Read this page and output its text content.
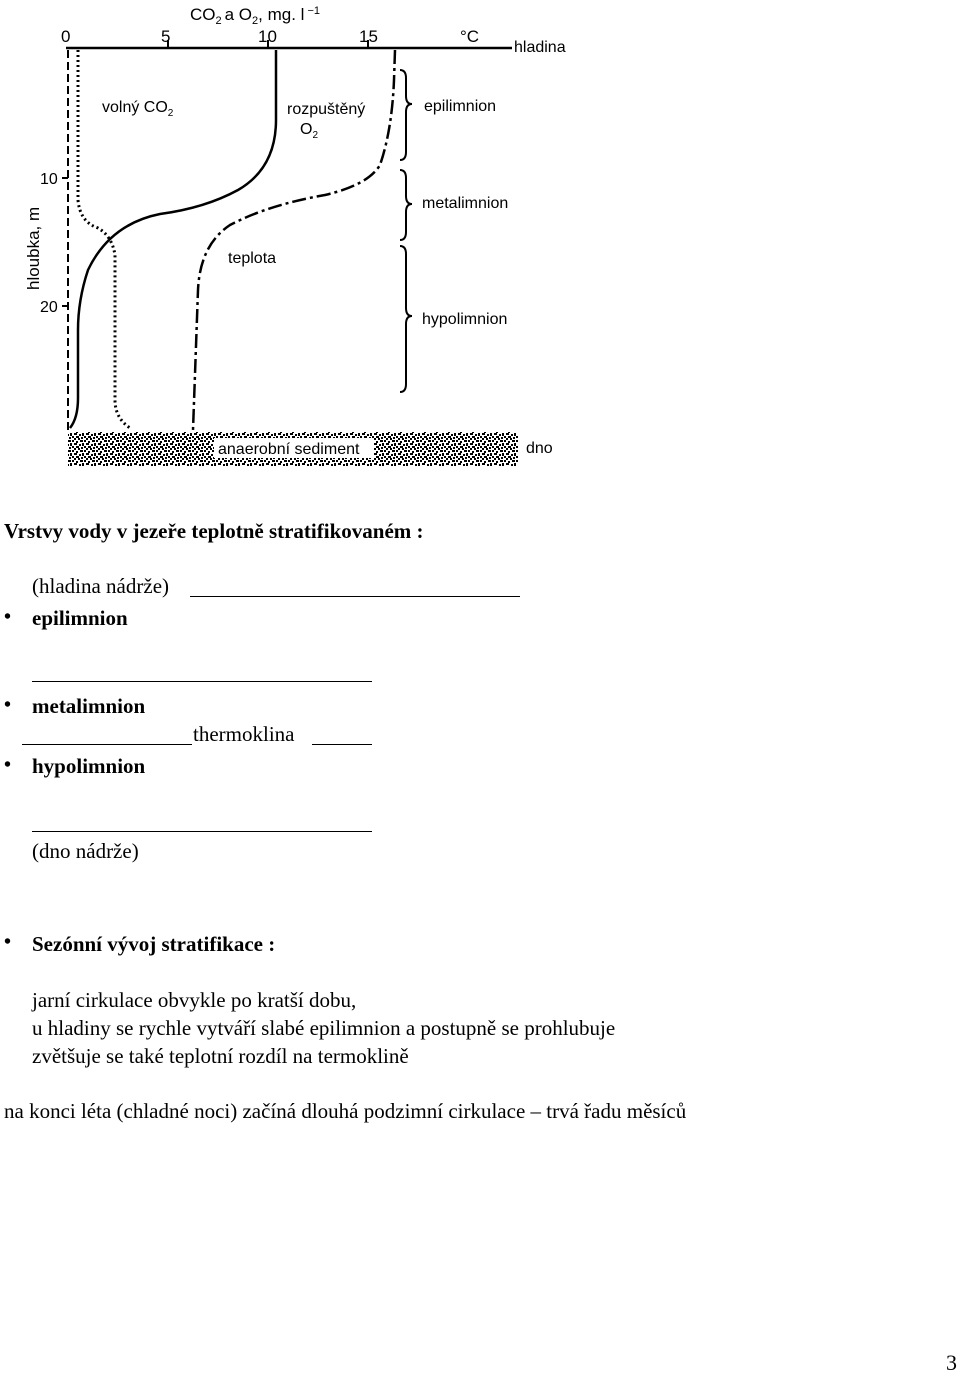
$CO_2$ a $O_2$, mg. l $^{-1}$
0	5	10	15	°C
hladina
10
20
hloubka, m
volný $CO_2$	rozpuštěný
$O_2$
teplota
epilimnion
metalimnion
hypolimnion
anaerobní sediment	dno
Vrstvy vody v jezeře teplotně stratifikovaném :
(hladina nádrže)
• epilimnion
• metalimnion
thermoklina
• hypolimnion
(dno nádrže)
• Sezónní vývoj stratifikace :
jarní cirkulace obvykle po kratší dobu,
u hladiny se rychle vytváří slabé epilimnion a postupně se prohlubuje
zvětšuje se také teplotní rozdíl na termoklině
na konci léta (chladné noci) začíná dlouhá podzimní cirkulace – trvá řadu měsíců
3
